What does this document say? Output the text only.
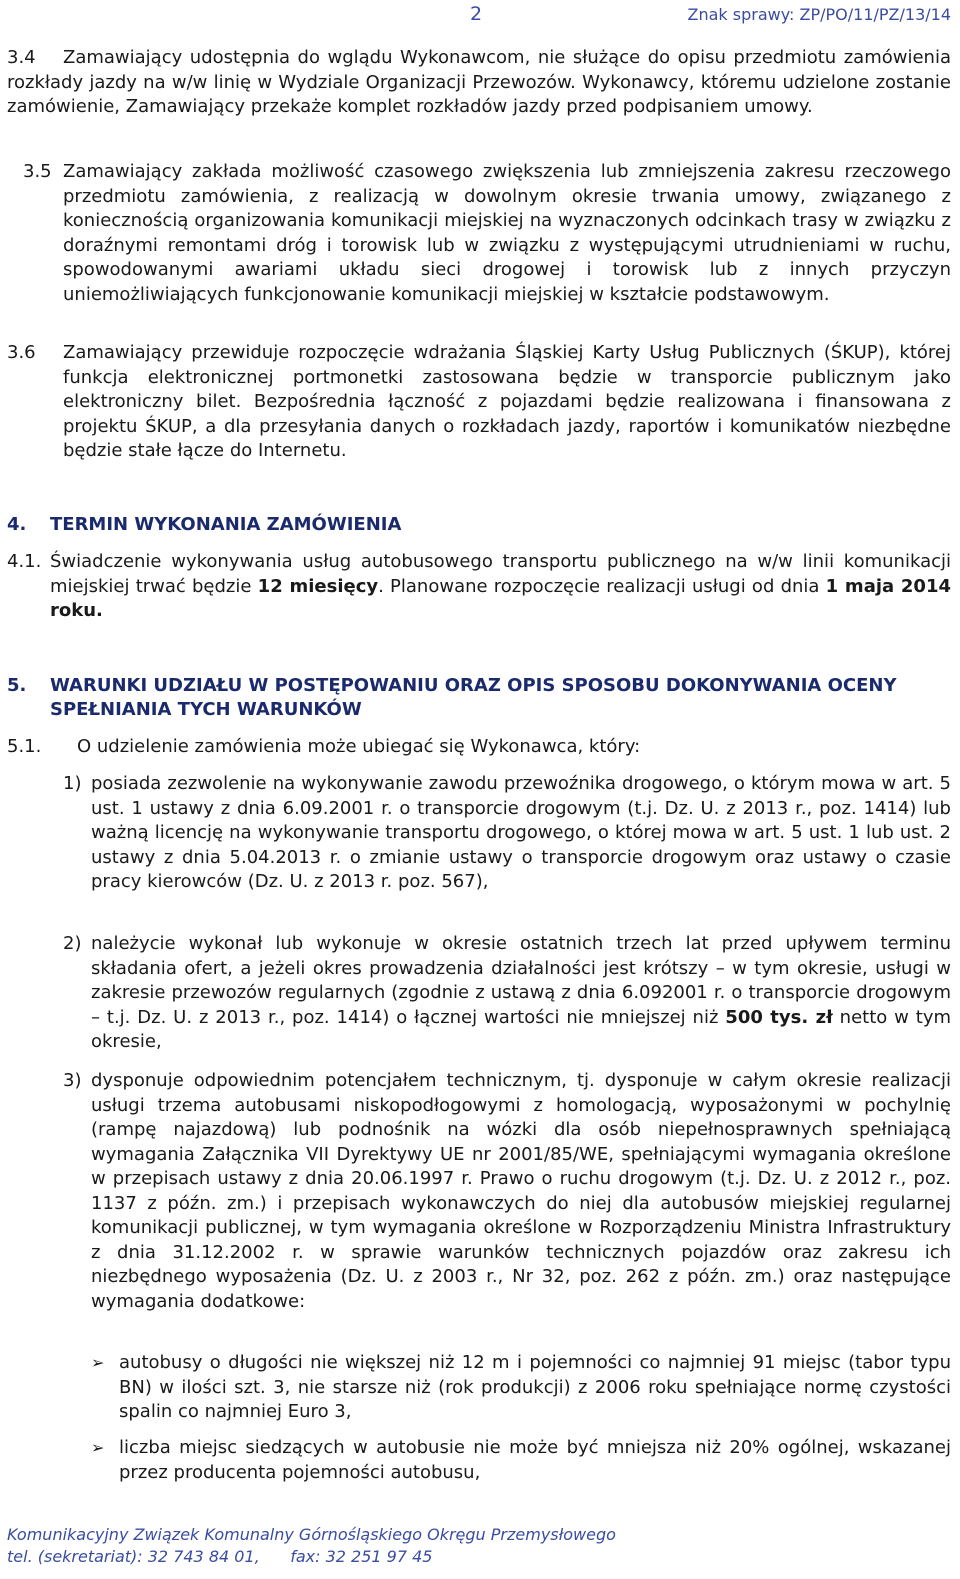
2	Znak sprawy: ZP/PO/11/PZ/13/14

Zamawiający udostępnia do wglądu Wykonawcom, nie służące do opisu przedmiotu zamówienia rozkłady jazdy na w/w linię w Wydziale Organizacji Przewozów. Wykonawcy, któremu udzielone zostanie zamówienie, Zamawiający przekaże komplet rozkładów jazdy przed podpisaniem umowy.

3.4
3.5 Zamawiający zakłada możliwość czasowego zwiększenia lub zmniejszenia zakresu rzeczowego przedmiotu zamówienia, z realizacją w dowolnym okresie trwania umowy, związanego z koniecznością organizowania komunikacji miejskiej na wyznaczonych odcinkach trasy w związku z doraźnymi remontami dróg i torowisk lub w związku z występującymi utrudnieniami w ruchu, spowodowanymi awariami układu sieci drogowej i torowisk lub z innych przyczyn uniemożliwiających funkcjonowanie komunikacji miejskiej w kształcie podstawowym.

3.6 Zamawiający przewiduje rozpoczęcie wdrażania Śląskiej Karty Usług Publicznych (ŚKUP), której funkcja elektronicznej portmonetki zastosowana będzie w transporcie publicznym jako elektroniczny bilet. Bezpośrednia łączność z pojazdami będzie realizowana i finansowana z projektu ŚKUP, a dla przesyłania danych o rozkładach jazdy, raportów i komunikatów niezbędne będzie stałe łącze do Internetu.

4. TERMIN WYKONANIA ZAMÓWIENIA
4.1. Świadczenie wykonywania usług autobusowego transportu publicznego na w/w linii komunikacji miejskiej trwać będzie 12 miesięcy. Planowane rozpoczęcie realizacji usługi od dnia 1 maja 2014 roku.

5. WARUNKI UDZIAŁU W POSTĘPOWANIU ORAZ OPIS SPOSOBU DOKONYWANIA OCENY SPEŁNIANIA TYCH WARUNKÓW
5.1. O udzielenie zamówienia może ubiegać się Wykonawca, który:

1) posiada zezwolenie na wykonywanie zawodu przewoźnika drogowego, o którym mowa w art. 5 ust. 1 ustawy z dnia 6.09.2001 r. o transporcie drogowym (t.j. Dz. U. z 2013 r., poz. 1414) lub ważną licencję na wykonywanie transportu drogowego, o której mowa w art. 5 ust. 1 lub ust. 2 ustawy z dnia 5.04.2013 r. o zmianie ustawy o transporcie drogowym oraz ustawy o czasie pracy kierowców (Dz. U. z 2013 r. poz. 567),

2) należycie wykonał lub wykonuje w okresie ostatnich trzech lat przed upływem terminu składania ofert, a jeżeli okres prowadzenia działalności jest krótszy – w tym okresie, usługi w zakresie przewozów regularnych (zgodnie z ustawą z dnia 6.092001 r. o transporcie drogowym – t.j. Dz. U. z 2013 r., poz. 1414) o łącznej wartości nie mniejszej niż 500 tys. zł netto w tym okresie,

3) dysponuje odpowiednim potencjałem technicznym, tj. dysponuje w całym okresie realizacji usługi trzema autobusami niskopodłogowymi z homologacją, wyposażonymi w pochylnię (rampę najazdową) lub podnośnik na wózki dla osób niepełnosprawnych spełniającą wymagania Załącznika VII Dyrektywy UE nr 2001/85/WE, spełniającymi wymagania określone w przepisach ustawy z dnia 20.06.1997 r. Prawo o ruchu drogowym (t.j. Dz. U. z 2012 r., poz. 1137 z późn. zm.) i przepisach wykonawczych do niej dla autobusów miejskiej regularnej komunikacji publicznej, w tym wymagania określone w Rozporządzeniu Ministra Infrastruktury z dnia 31.12.2002 r. w sprawie warunków technicznych pojazdów oraz zakresu ich niezbędnego wyposażenia (Dz. U. z 2003 r., Nr 32, poz. 262 z późn. zm.) oraz następujące wymagania dodatkowe:

➢ autobusy o długości nie większej niż 12 m i pojemności co najmniej 91 miejsc (tabor typu BN) w ilości szt. 3, nie starsze niż (rok produkcji) z 2006 roku spełniające normę czystości spalin co najmniej Euro 3,

➢ liczba miejsc siedzących w autobusie nie może być mniejsza niż 20% ogólnej, wskazanej przez producenta pojemności autobusu,

Komunikacyjny Związek Komunalny Górnośląskiego Okręgu Przemysłowego
tel. (sekretariat): 32 743 84 01,      fax: 32 251 97 45
